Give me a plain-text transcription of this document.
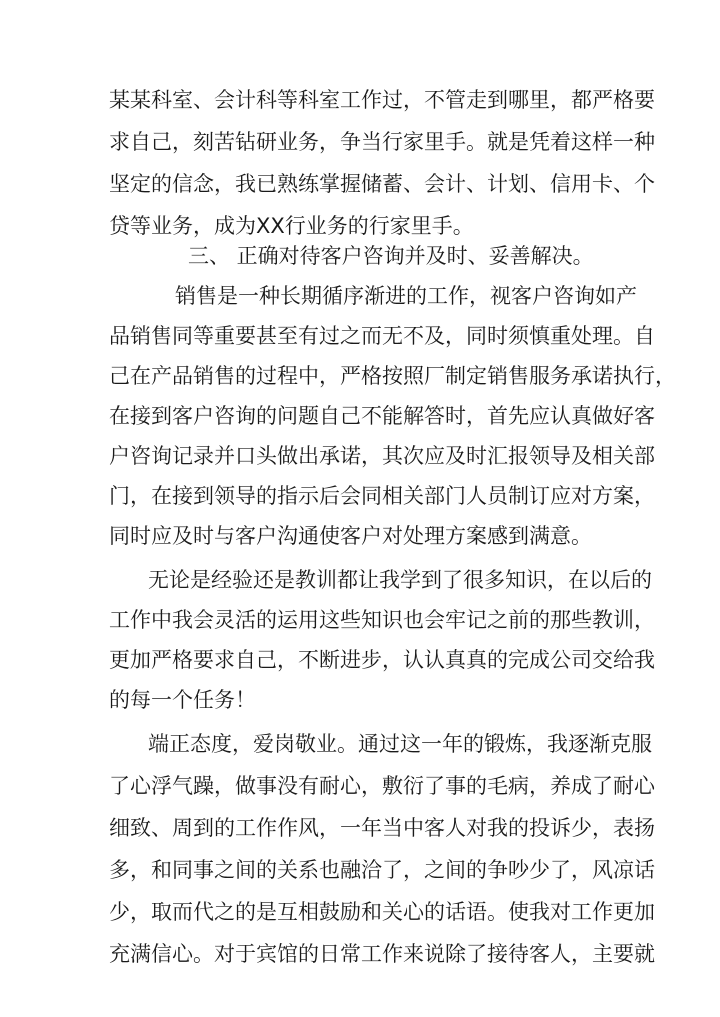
某某科室、会计科等科室工作过，不管走到哪里，都严格要
求自己，刻苦钻研业务，争当行家里手。就是凭着这样一种
坚定的信念，我已熟练掌握储蓄、会计、计划、信用卡、个
贷等业务，成为XX行业务的行家里手。
三、 正确对待客户咨询并及时、妥善解决。
销售是一种长期循序渐进的工作，视客户咨询如产
品销售同等重要甚至有过之而无不及，同时须慎重处理。自
己在产品销售的过程中，严格按照厂制定销售服务承诺执行，
在接到客户咨询的问题自己不能解答时，首先应认真做好客
户咨询记录并口头做出承诺，其次应及时汇报领导及相关部
门，在接到领导的指示后会同相关部门人员制订应对方案，
同时应及时与客户沟通使客户对处理方案感到满意。
无论是经验还是教训都让我学到了很多知识，在以后的
工作中我会灵活的运用这些知识也会牢记之前的那些教训，
更加严格要求自己，不断进步，认认真真的完成公司交给我
的每一个任务！
端正态度，爱岗敬业。通过这一年的锻炼，我逐渐克服
了心浮气躁，做事没有耐心，敷衍了事的毛病，养成了耐心
细致、周到的工作作风，一年当中客人对我的投诉少，表扬
多，和同事之间的关系也融洽了，之间的争吵少了，风凉话
少，取而代之的是互相鼓励和关心的话语。使我对工作更加
充满信心。对于宾馆的日常工作来说除了接待客人，主要就
